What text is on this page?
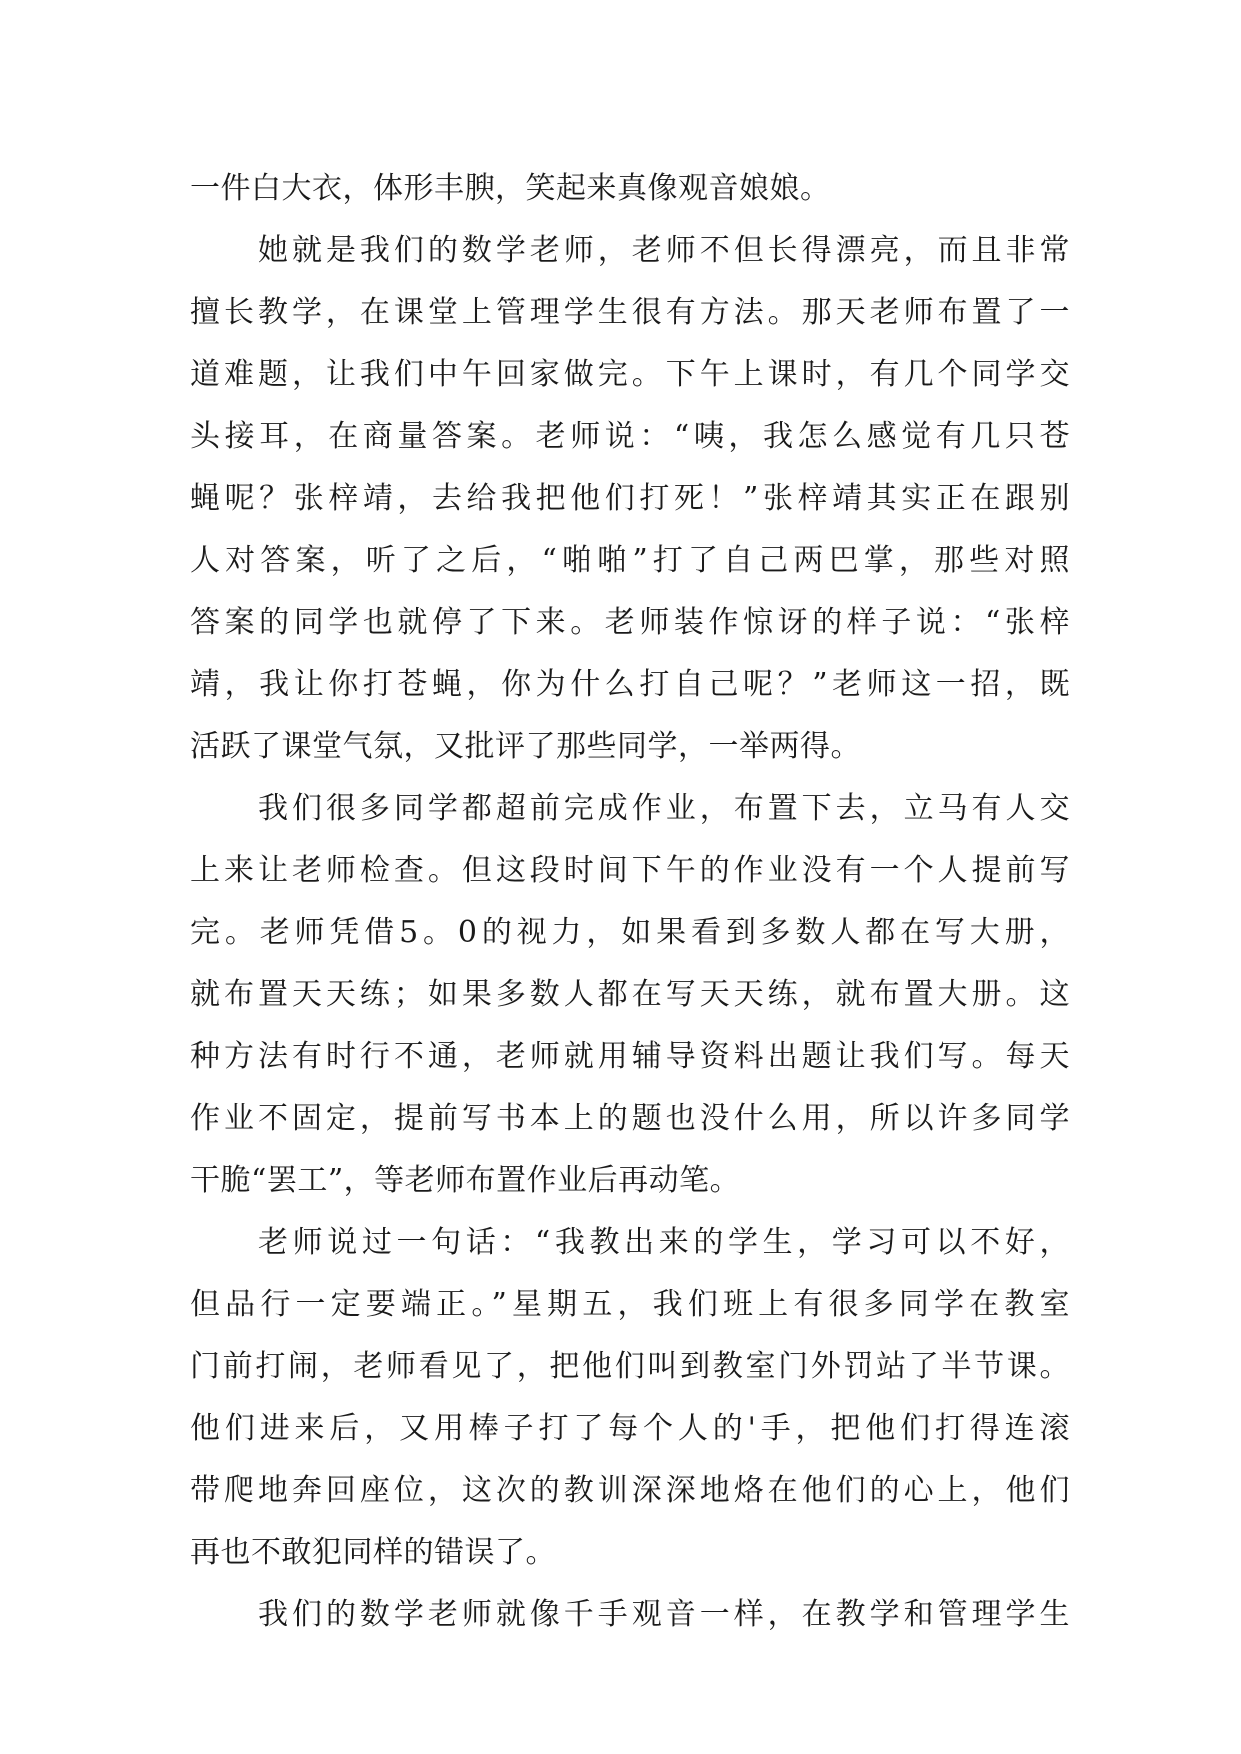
一件白大衣，体形丰腴，笑起来真像观音娘娘。
她就是我们的数学老师，老师不但长得漂亮，而且非常
擅长教学，在课堂上管理学生很有方法。那天老师布置了一
道难题，让我们中午回家做完。下午上课时，有几个同学交
头接耳，在商量答案。老师说：“咦，我怎么感觉有几只苍
蝇呢？张梓靖，去给我把他们打死！”张梓靖其实正在跟别
人对答案，听了之后，“啪啪”打了自己两巴掌，那些对照
答案的同学也就停了下来。老师装作惊讶的样子说：“张梓
靖，我让你打苍蝇，你为什么打自己呢？”老师这一招，既
活跃了课堂气氛，又批评了那些同学，一举两得。
我们很多同学都超前完成作业，布置下去，立马有人交
上来让老师检查。但这段时间下午的作业没有一个人提前写
完。老师凭借5。0的视力，如果看到多数人都在写大册，
就布置天天练；如果多数人都在写天天练，就布置大册。这
种方法有时行不通，老师就用辅导资料出题让我们写。每天
作业不固定，提前写书本上的题也没什么用，所以许多同学
干脆“罢工”，等老师布置作业后再动笔。
老师说过一句话：“我教出来的学生，学习可以不好，
但品行一定要端正。”星期五，我们班上有很多同学在教室
门前打闹，老师看见了，把他们叫到教室门外罚站了半节课。
他们进来后，又用棒子打了每个人的'手，把他们打得连滚
带爬地奔回座位，这次的教训深深地烙在他们的心上，他们
再也不敢犯同样的错误了。
我们的数学老师就像千手观音一样，在教学和管理学生
